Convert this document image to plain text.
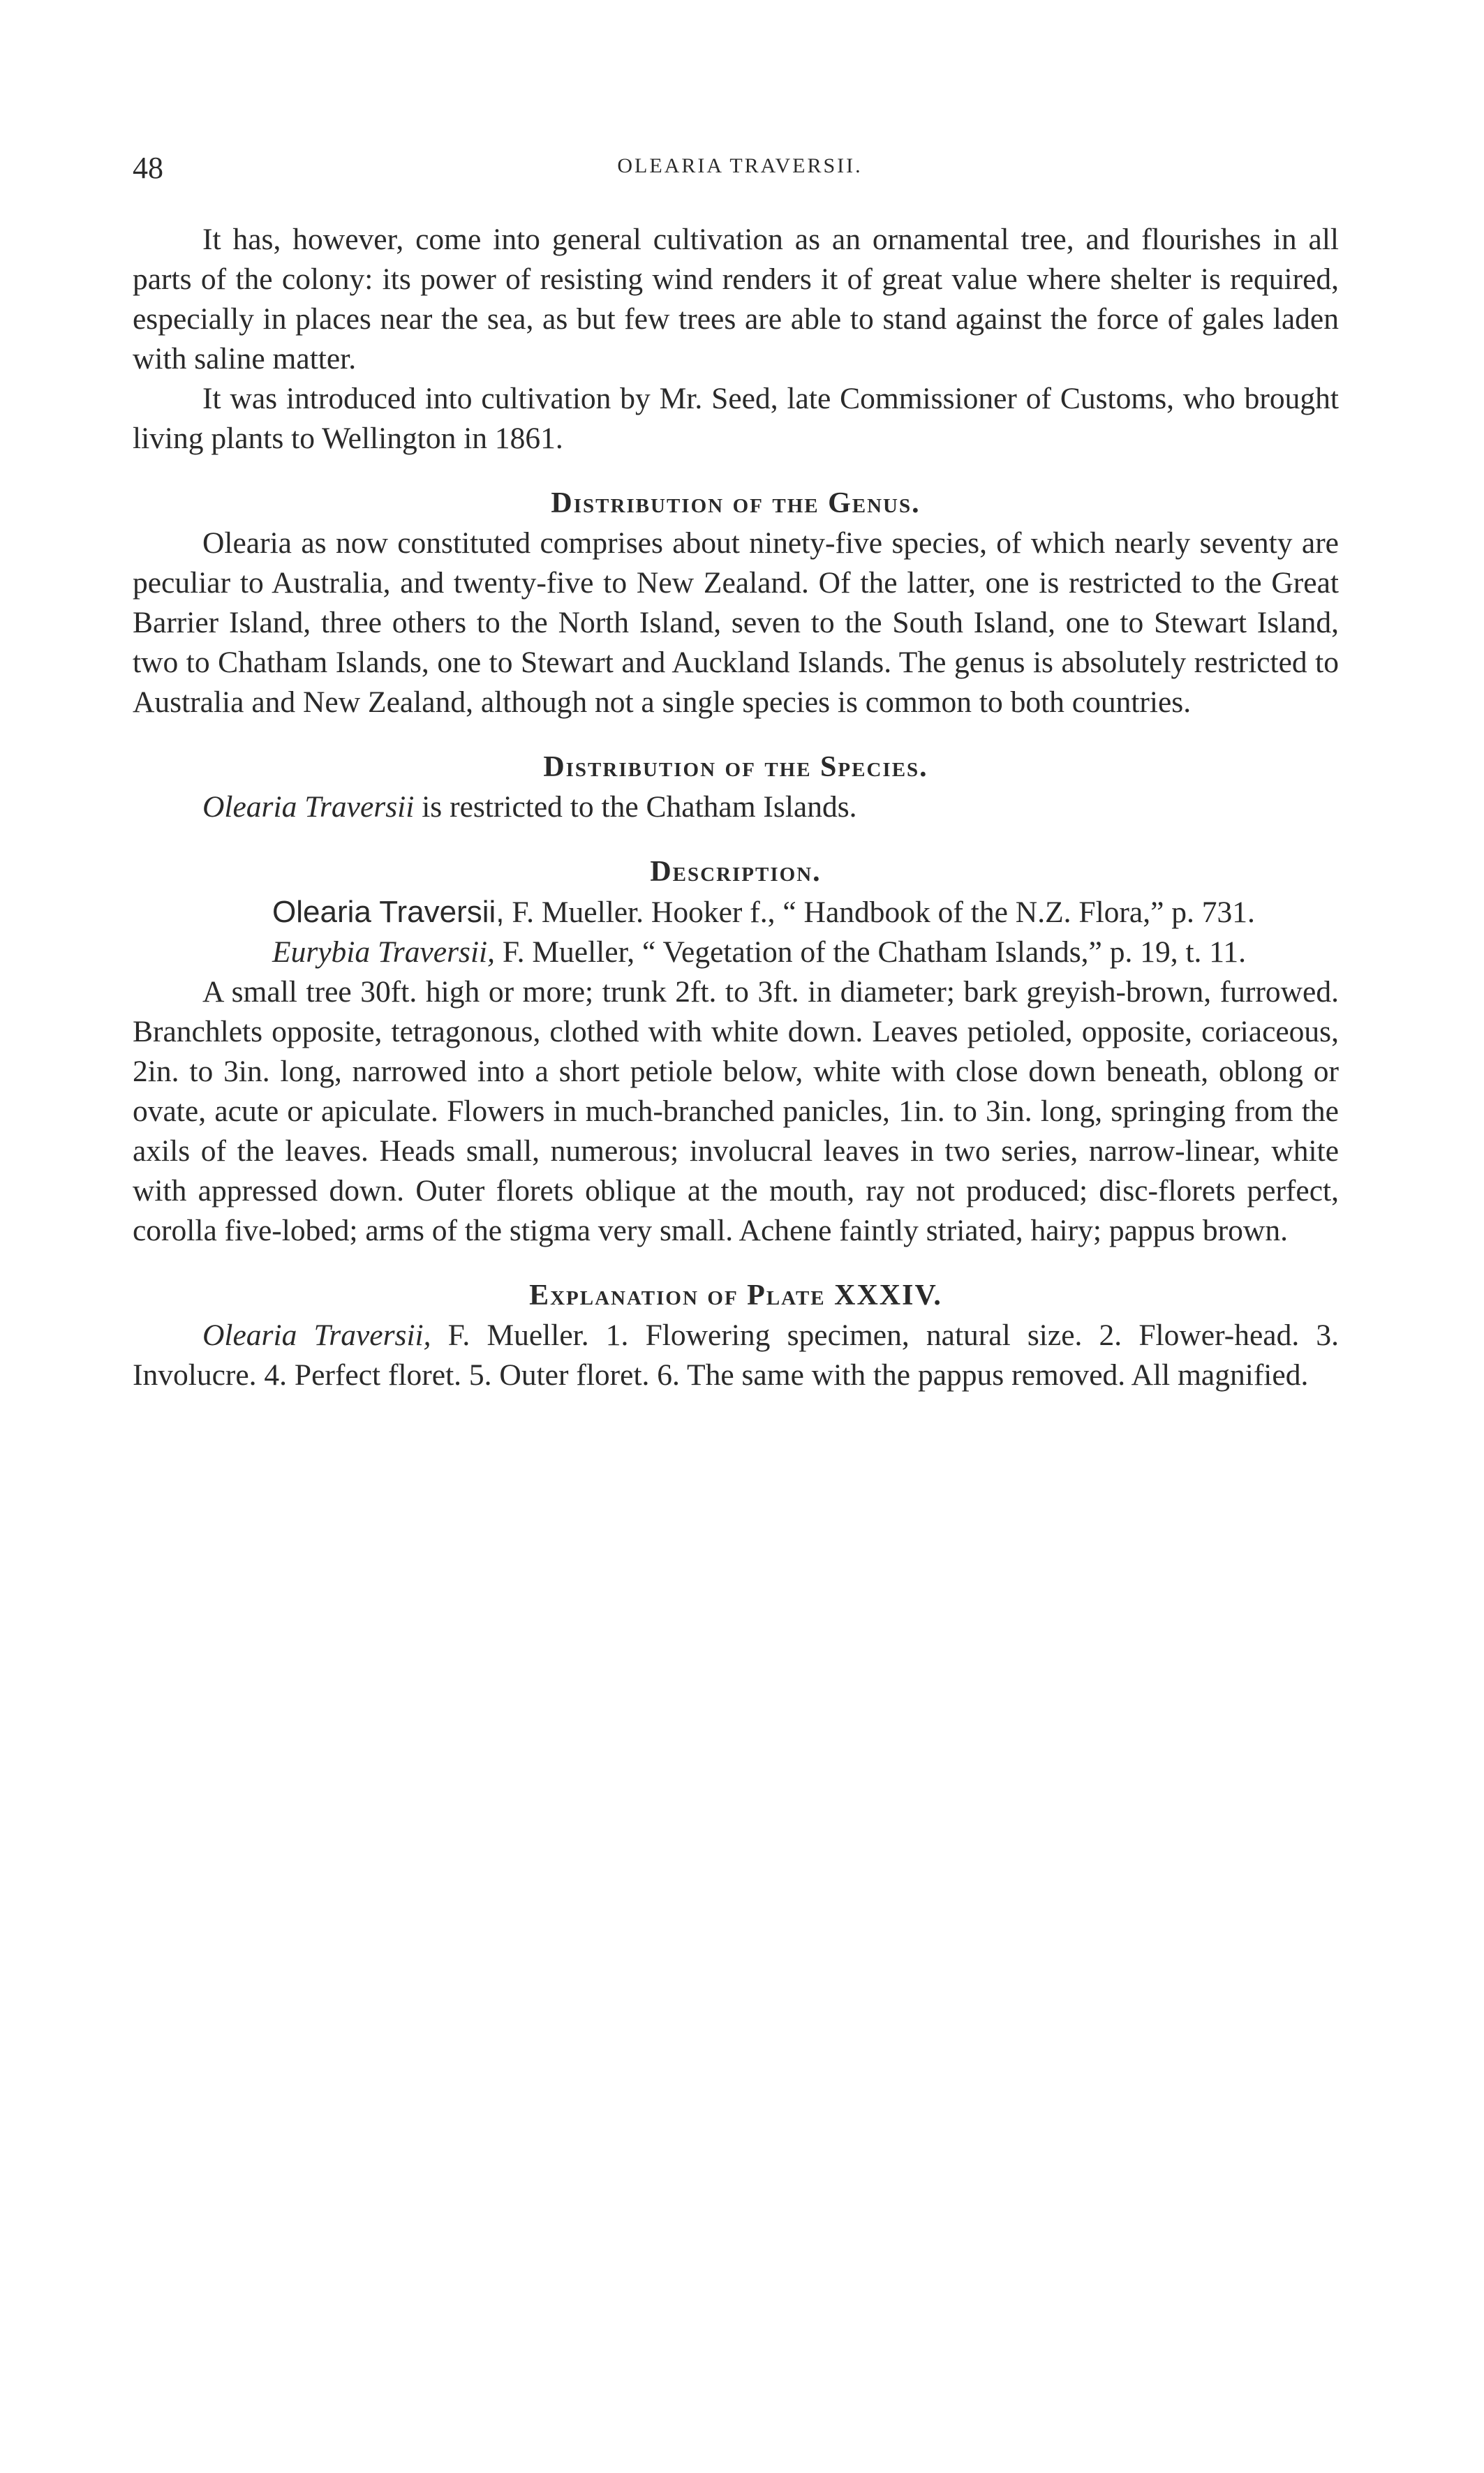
48	OLEARIA TRAVERSII.

It has, however, come into general cultivation as an ornamental tree, and flourishes in all parts of the colony: its power of resisting wind renders it of great value where shelter is required, especially in places near the sea, as but few trees are able to stand against the force of gales laden with saline matter.

It was introduced into cultivation by Mr. Seed, late Commissioner of Customs, who brought living plants to Wellington in 1861.

Distribution of the Genus.

Olearia as now constituted comprises about ninety-five species, of which nearly seventy are peculiar to Australia, and twenty-five to New Zealand. Of the latter, one is restricted to the Great Barrier Island, three others to the North Island, seven to the South Island, one to Stewart Island, two to Chatham Islands, one to Stewart and Auckland Islands. The genus is absolutely restricted to Australia and New Zealand, although not a single species is common to both countries.

Distribution of the Species.

Olearia Traversii is restricted to the Chatham Islands.

Description.

Olearia Traversii, F. Mueller. Hooker f., “ Handbook of the N.Z. Flora,” p. 731.

Eurybia Traversii, F. Mueller, “ Vegetation of the Chatham Islands,” p. 19, t. 11.

A small tree 30ft. high or more; trunk 2ft. to 3ft. in diameter; bark greyish-brown, furrowed. Branchlets opposite, tetragonous, clothed with white down. Leaves petioled, opposite, coriaceous, 2in. to 3in. long, narrowed into a short petiole below, white with close down beneath, oblong or ovate, acute or apiculate. Flowers in much-branched panicles, 1in. to 3in. long, springing from the axils of the leaves. Heads small, numerous; involucral leaves in two series, narrow-linear, white with appressed down. Outer florets oblique at the mouth, ray not produced; disc-florets perfect, corolla five-lobed; arms of the stigma very small. Achene faintly striated, hairy; pappus brown.

Explanation of Plate XXXIV.

Olearia Traversii, F. Mueller. 1. Flowering specimen, natural size. 2. Flower-head. 3. Involucre. 4. Perfect floret. 5. Outer floret. 6. The same with the pappus removed. All magnified.
